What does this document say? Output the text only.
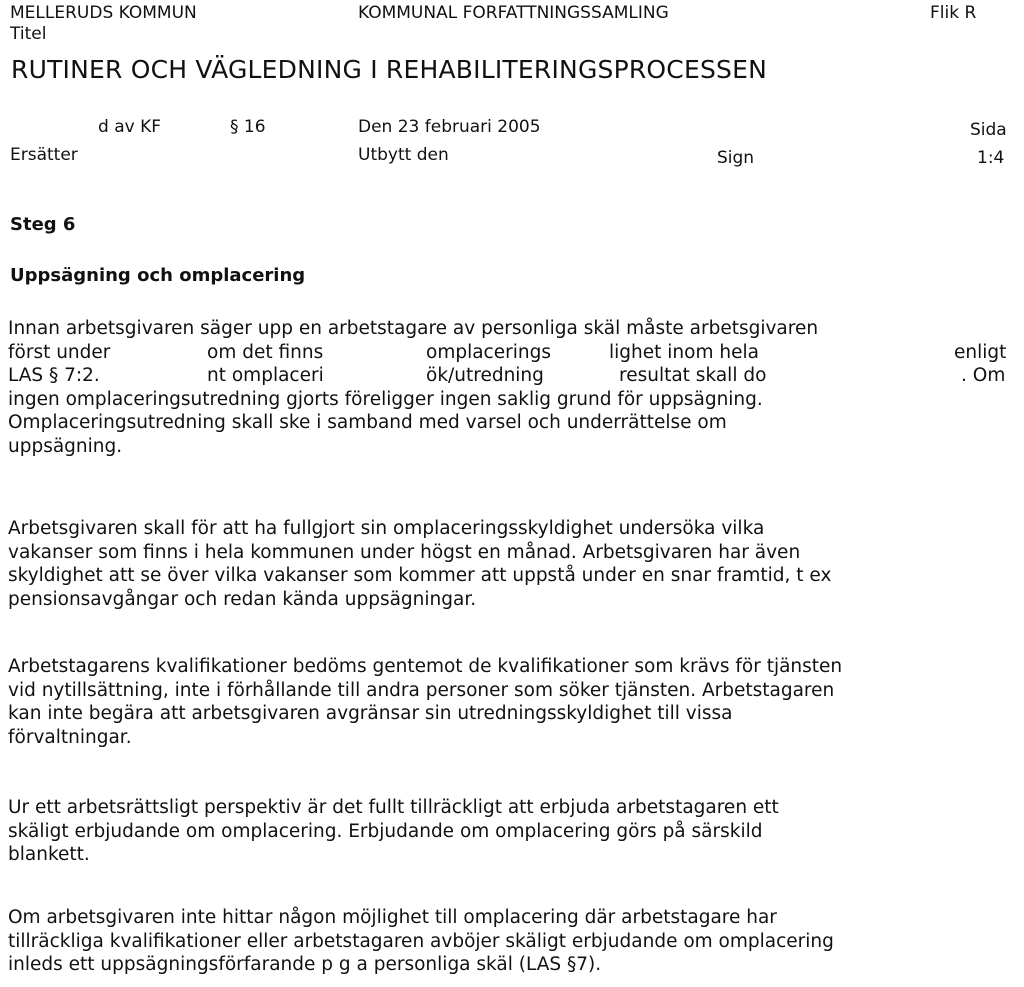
MELLERUDS KOMMUN	KOMMUNAL FORFATTNINGSSAMLING	Flik R
Titel
RUTINER OCH VÄGLEDNING I REHABILITERINGSPROCESSEN
d av KF	§ 16	Den 23 februari 2005	Sida
Ersätter	Utbytt den	Sign	1:4
Steg 6
Uppsägning och omplacering
Innan arbetsgivaren säger upp en arbetstagare av personliga skäl måste arbetsgivaren
först under	om det finns	omplacerings	lighet inom hela	enligt
LAS § 7:2.	nt omplaceri	ök/utredning	resultat skall do	. Om
ingen omplaceringsutredning gjorts föreligger ingen saklig grund för uppsägning.
Omplaceringsutredning skall ske i samband med varsel och underrättelse om
uppsägning.
Arbetsgivaren skall för att ha fullgjort sin omplaceringsskyldighet undersöka vilka
vakanser som finns i hela kommunen under högst en månad. Arbetsgivaren har även
skyldighet att se över vilka vakanser som kommer att uppstå under en snar framtid, t ex
pensionsavgångar och redan kända uppsägningar.
Arbetstagarens kvalifikationer bedöms gentemot de kvalifikationer som krävs för tjänsten
vid nytillsättning, inte i förhållande till andra personer som söker tjänsten. Arbetstagaren
kan inte begära att arbetsgivaren avgränsar sin utredningsskyldighet till vissa
förvaltningar.
Ur ett arbetsrättsligt perspektiv är det fullt tillräckligt att erbjuda arbetstagaren ett
skäligt erbjudande om omplacering. Erbjudande om omplacering görs på särskild
blankett.
Om arbetsgivaren inte hittar någon möjlighet till omplacering där arbetstagare har
tillräckliga kvalifikationer eller arbetstagaren avböjer skäligt erbjudande om omplacering
inleds ett uppsägningsförfarande p g a personliga skäl (LAS §7).
